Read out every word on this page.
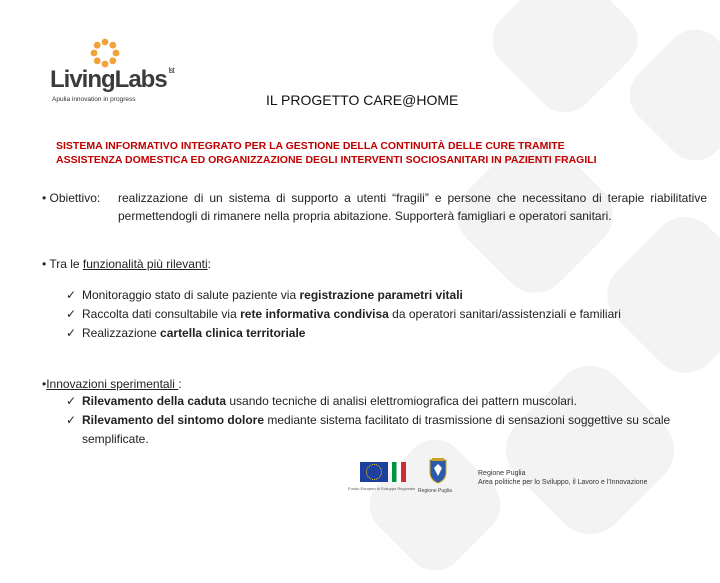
LivingLabs $^{lst}$
Apulia innovation in progress	IL PROGETTO CARE@HOME
SISTEMA INFORMATIVO INTEGRATO PER LA GESTIONE DELLA CONTINUITÀ DELLE CURE TRAMITE
ASSISTENZA DOMESTICA ED ORGANIZZAZIONE DEGLI INTERVENTI SOCIOSANITARI IN PAZIENTI FRAGILI
• Obiettivo: realizzazione di un sistema di supporto a utenti “fragili” e persone che necessitano di terapie riabilitative permettendogli di rimanere nella propria abitazione. Supporterà famigliari e operatori sanitari.
• Tra le funzionalità più rilevanti:
✓ Monitoraggio stato di salute paziente via registrazione parametri vitali
✓ Raccolta dati consultabile via rete informativa condivisa da operatori sanitari/assistenziali e familiari
✓ Realizzazione cartella clinica territoriale
•Innovazioni sperimentali :
✓ Rilevamento della caduta usando tecniche di analisi elettromiografica dei pattern muscolari.
✓ Rilevamento del sintomo dolore mediante sistema facilitato di trasmissione di sensazioni soggettive su scale semplificate.
Fondo Europeo di Sviluppo Regionale Regione Puglia
Regione Puglia
Area politiche per lo Sviluppo, il Lavoro e l'Innovazione
